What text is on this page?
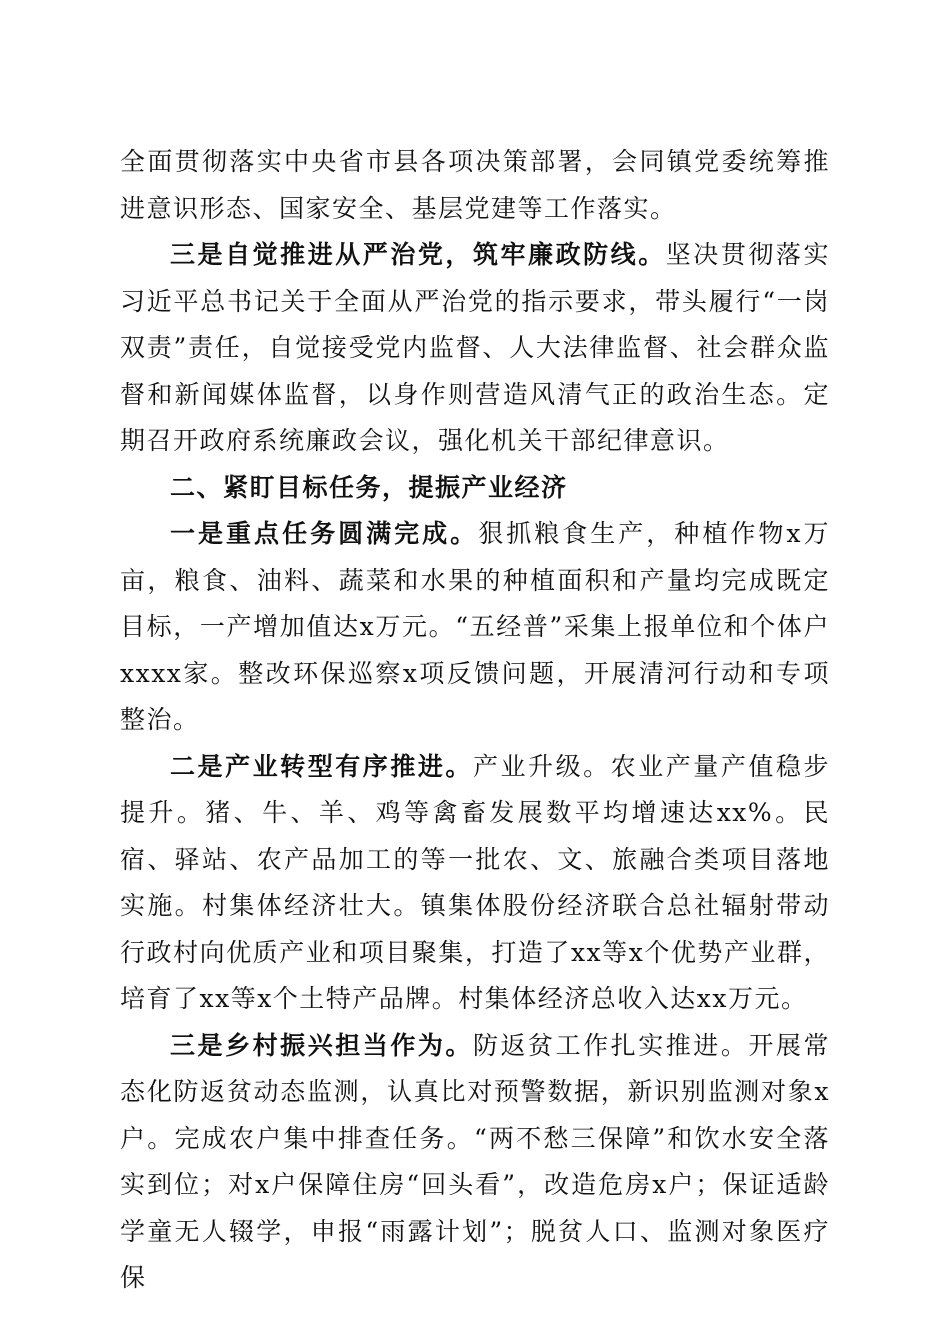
全面贯彻落实中央省市县各项决策部署，会同镇党委统筹推进意识形态、国家安全、基层党建等工作落实。

三是自觉推进从严治党，筑牢廉政防线。坚决贯彻落实习近平总书记关于全面从严治党的指示要求，带头履行“一岗双责”责任，自觉接受党内监督、人大法律监督、社会群众监督和新闻媒体监督，以身作则营造风清气正的政治生态。定期召开政府系统廉政会议，强化机关干部纪律意识。

二、紧盯目标任务，提振产业经济

一是重点任务圆满完成。狠抓粮食生产，种植作物x万亩，粮食、油料、蔬菜和水果的种植面积和产量均完成既定目标，一产增加值达x万元。“五经普”采集上报单位和个体户xxxx家。整改环保巡察x项反馈问题，开展清河行动和专项整治。

二是产业转型有序推进。产业升级。农业产量产值稳步提升。猪、牛、羊、鸡等禽畜发展数平均增速达xx%。民宿、驿站、农产品加工的等一批农、文、旅融合类项目落地实施。村集体经济壮大。镇集体股份经济联合总社辐射带动行政村向优质产业和项目聚集，打造了xx等x个优势产业群，培育了xx等x个土特产品牌。村集体经济总收入达xx万元。

三是乡村振兴担当作为。防返贫工作扎实推进。开展常态化防返贫动态监测，认真比对预警数据，新识别监测对象x户。完成农户集中排查任务。“两不愁三保障”和饮水安全落实到位；对x户保障住房“回头看”，改造危房x户；保证适龄学童无人辍学，申报“雨露计划”；脱贫人口、监测对象医疗保
